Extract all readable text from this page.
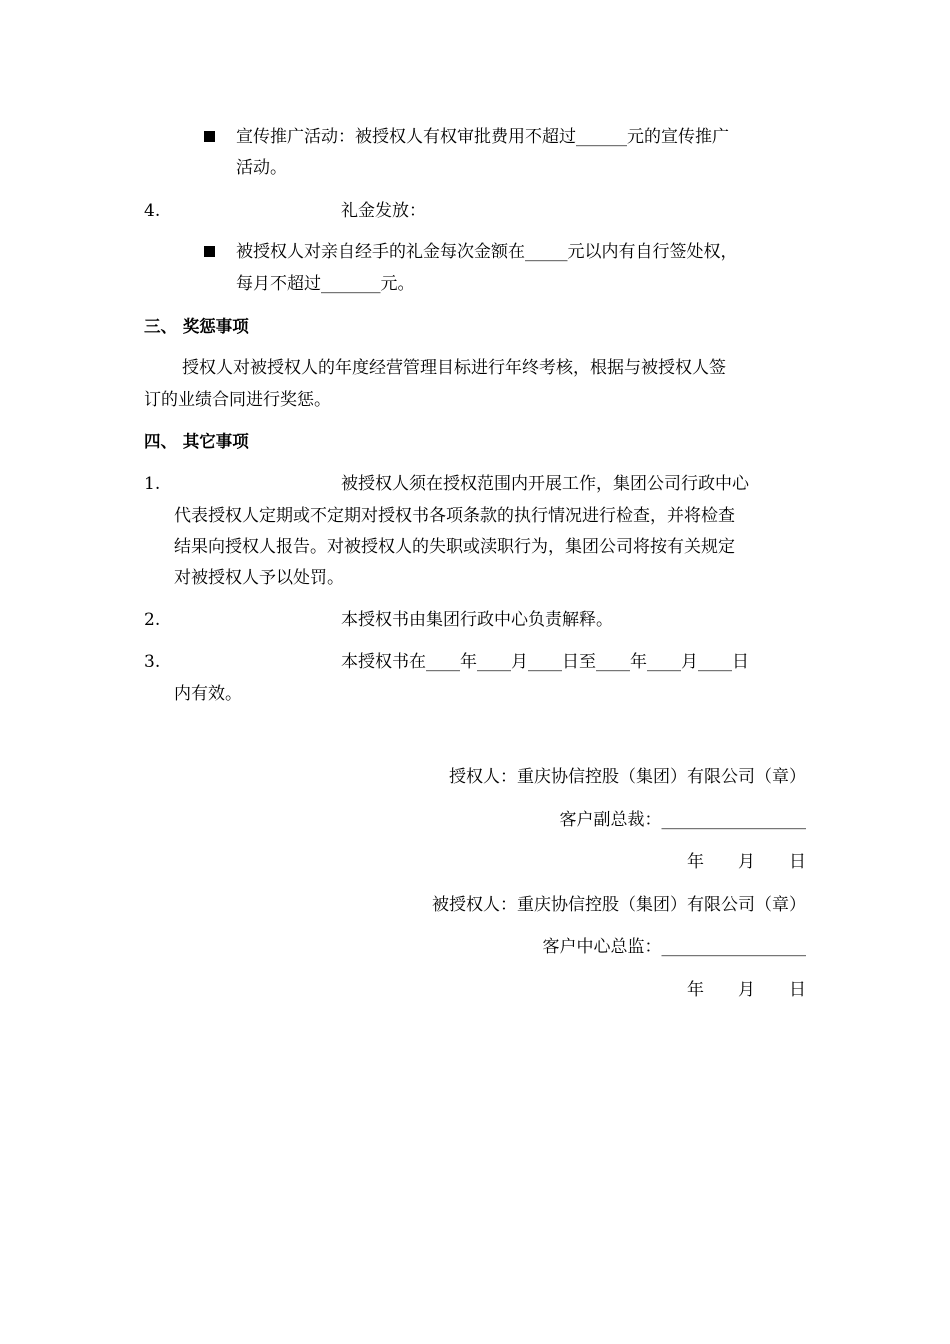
宣传推广活动：被授权人有权审批费用不超过______元的宣传推广
活动。
4.	礼金发放：
被授权人对亲自经手的礼金每次金额在_____元以内有自行签处权，
每月不超过_______元。
三、 奖惩事项
授权人对被授权人的年度经营管理目标进行年终考核，根据与被授权人签
订的业绩合同进行奖惩。
四、 其它事项
1.	被授权人须在授权范围内开展工作，集团公司行政中心
代表授权人定期或不定期对授权书各项条款的执行情况进行检查，并将检查
结果向授权人报告。对被授权人的失职或渎职行为，集团公司将按有关规定
对被授权人予以处罚。
2.	本授权书由集团行政中心负责解释。
3.	本授权书在____年____月____日至____年____月____日
内有效。
授权人：重庆协信控股（集团）有限公司（章）
客户副总裁：_________________
年　　月　　日
被授权人：重庆协信控股（集团）有限公司（章）
客户中心总监：_________________
年　　月　　日
